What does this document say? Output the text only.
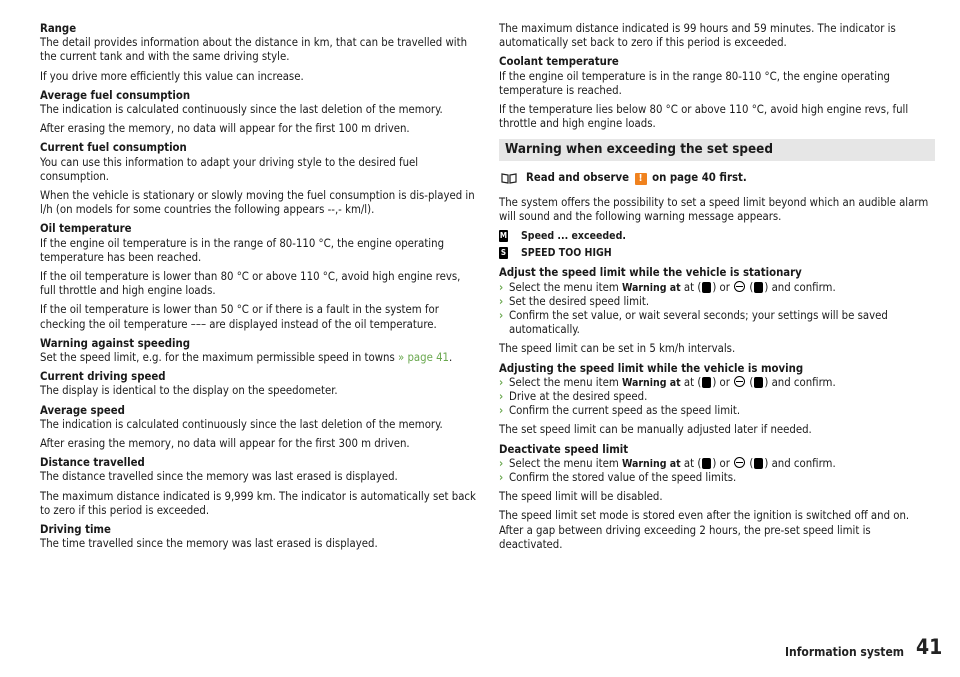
Range
The detail provides information about the distance in km, that can be travelled with the current tank and with the same driving style.
If you drive more efficiently this value can increase.
Average fuel consumption
The indication is calculated continuously since the last deletion of the memory.
After erasing the memory, no data will appear for the first 100 m driven.
Current fuel consumption
You can use this information to adapt your driving style to the desired fuel consumption.
When the vehicle is stationary or slowly moving the fuel consumption is dis-played in l/h (on models for some countries the following appears --,- km/l).
Oil temperature
If the engine oil temperature is in the range of 80-110 °C, the engine operating temperature has been reached.
If the oil temperature is lower than 80 °C or above 110 °C, avoid high engine revs, full throttle and high engine loads.
If the oil temperature is lower than 50 °C or if there is a fault in the system for checking the oil temperature ––– are displayed instead of the oil temperature.
Warning against speeding
Set the speed limit, e.g. for the maximum permissible speed in towns » page 41.
Current driving speed
The display is identical to the display on the speedometer.
Average speed
The indication is calculated continuously since the last deletion of the memory.
After erasing the memory, no data will appear for the first 300 m driven.
Distance travelled
The distance travelled since the memory was last erased is displayed.
The maximum distance indicated is 9,999 km. The indicator is automatically set back to zero if this period is exceeded.
Driving time
The time travelled since the memory was last erased is displayed.
The maximum distance indicated is 99 hours and 59 minutes. The indicator is automatically set back to zero if this period is exceeded.
Coolant temperature
If the engine oil temperature is in the range 80-110 °C, the engine operating temperature is reached.
If the temperature lies below 80 °C or above 110 °C, avoid high engine revs, full throttle and high engine loads.
Warning when exceeding the set speed
Read and observe
!
on page 40 first.
The system offers the possibility to set a speed limit beyond which an audible alarm will sound and the following warning message appears.
M Speed ... exceeded.
S SPEED TOO HIGH
Adjust the speed limit while the vehicle is stationary
› Select the menu item Warning at at ( ) or ( ) and confirm.
› Set the desired speed limit.
› Confirm the set value, or wait several seconds; your settings will be saved automatically.
The speed limit can be set in 5 km/h intervals.
Adjusting the speed limit while the vehicle is moving
› Select the menu item Warning at at ( ) or ( ) and confirm.
› Drive at the desired speed.
› Confirm the current speed as the speed limit.
The set speed limit can be manually adjusted later if needed.
Deactivate speed limit
› Select the menu item Warning at at ( ) or ( ) and confirm.
› Confirm the stored value of the speed limits.
The speed limit will be disabled.
The speed limit set mode is stored even after the ignition is switched off and on. After a gap between driving exceeding 2 hours, the pre-set speed limit is deactivated.
Information system 41
